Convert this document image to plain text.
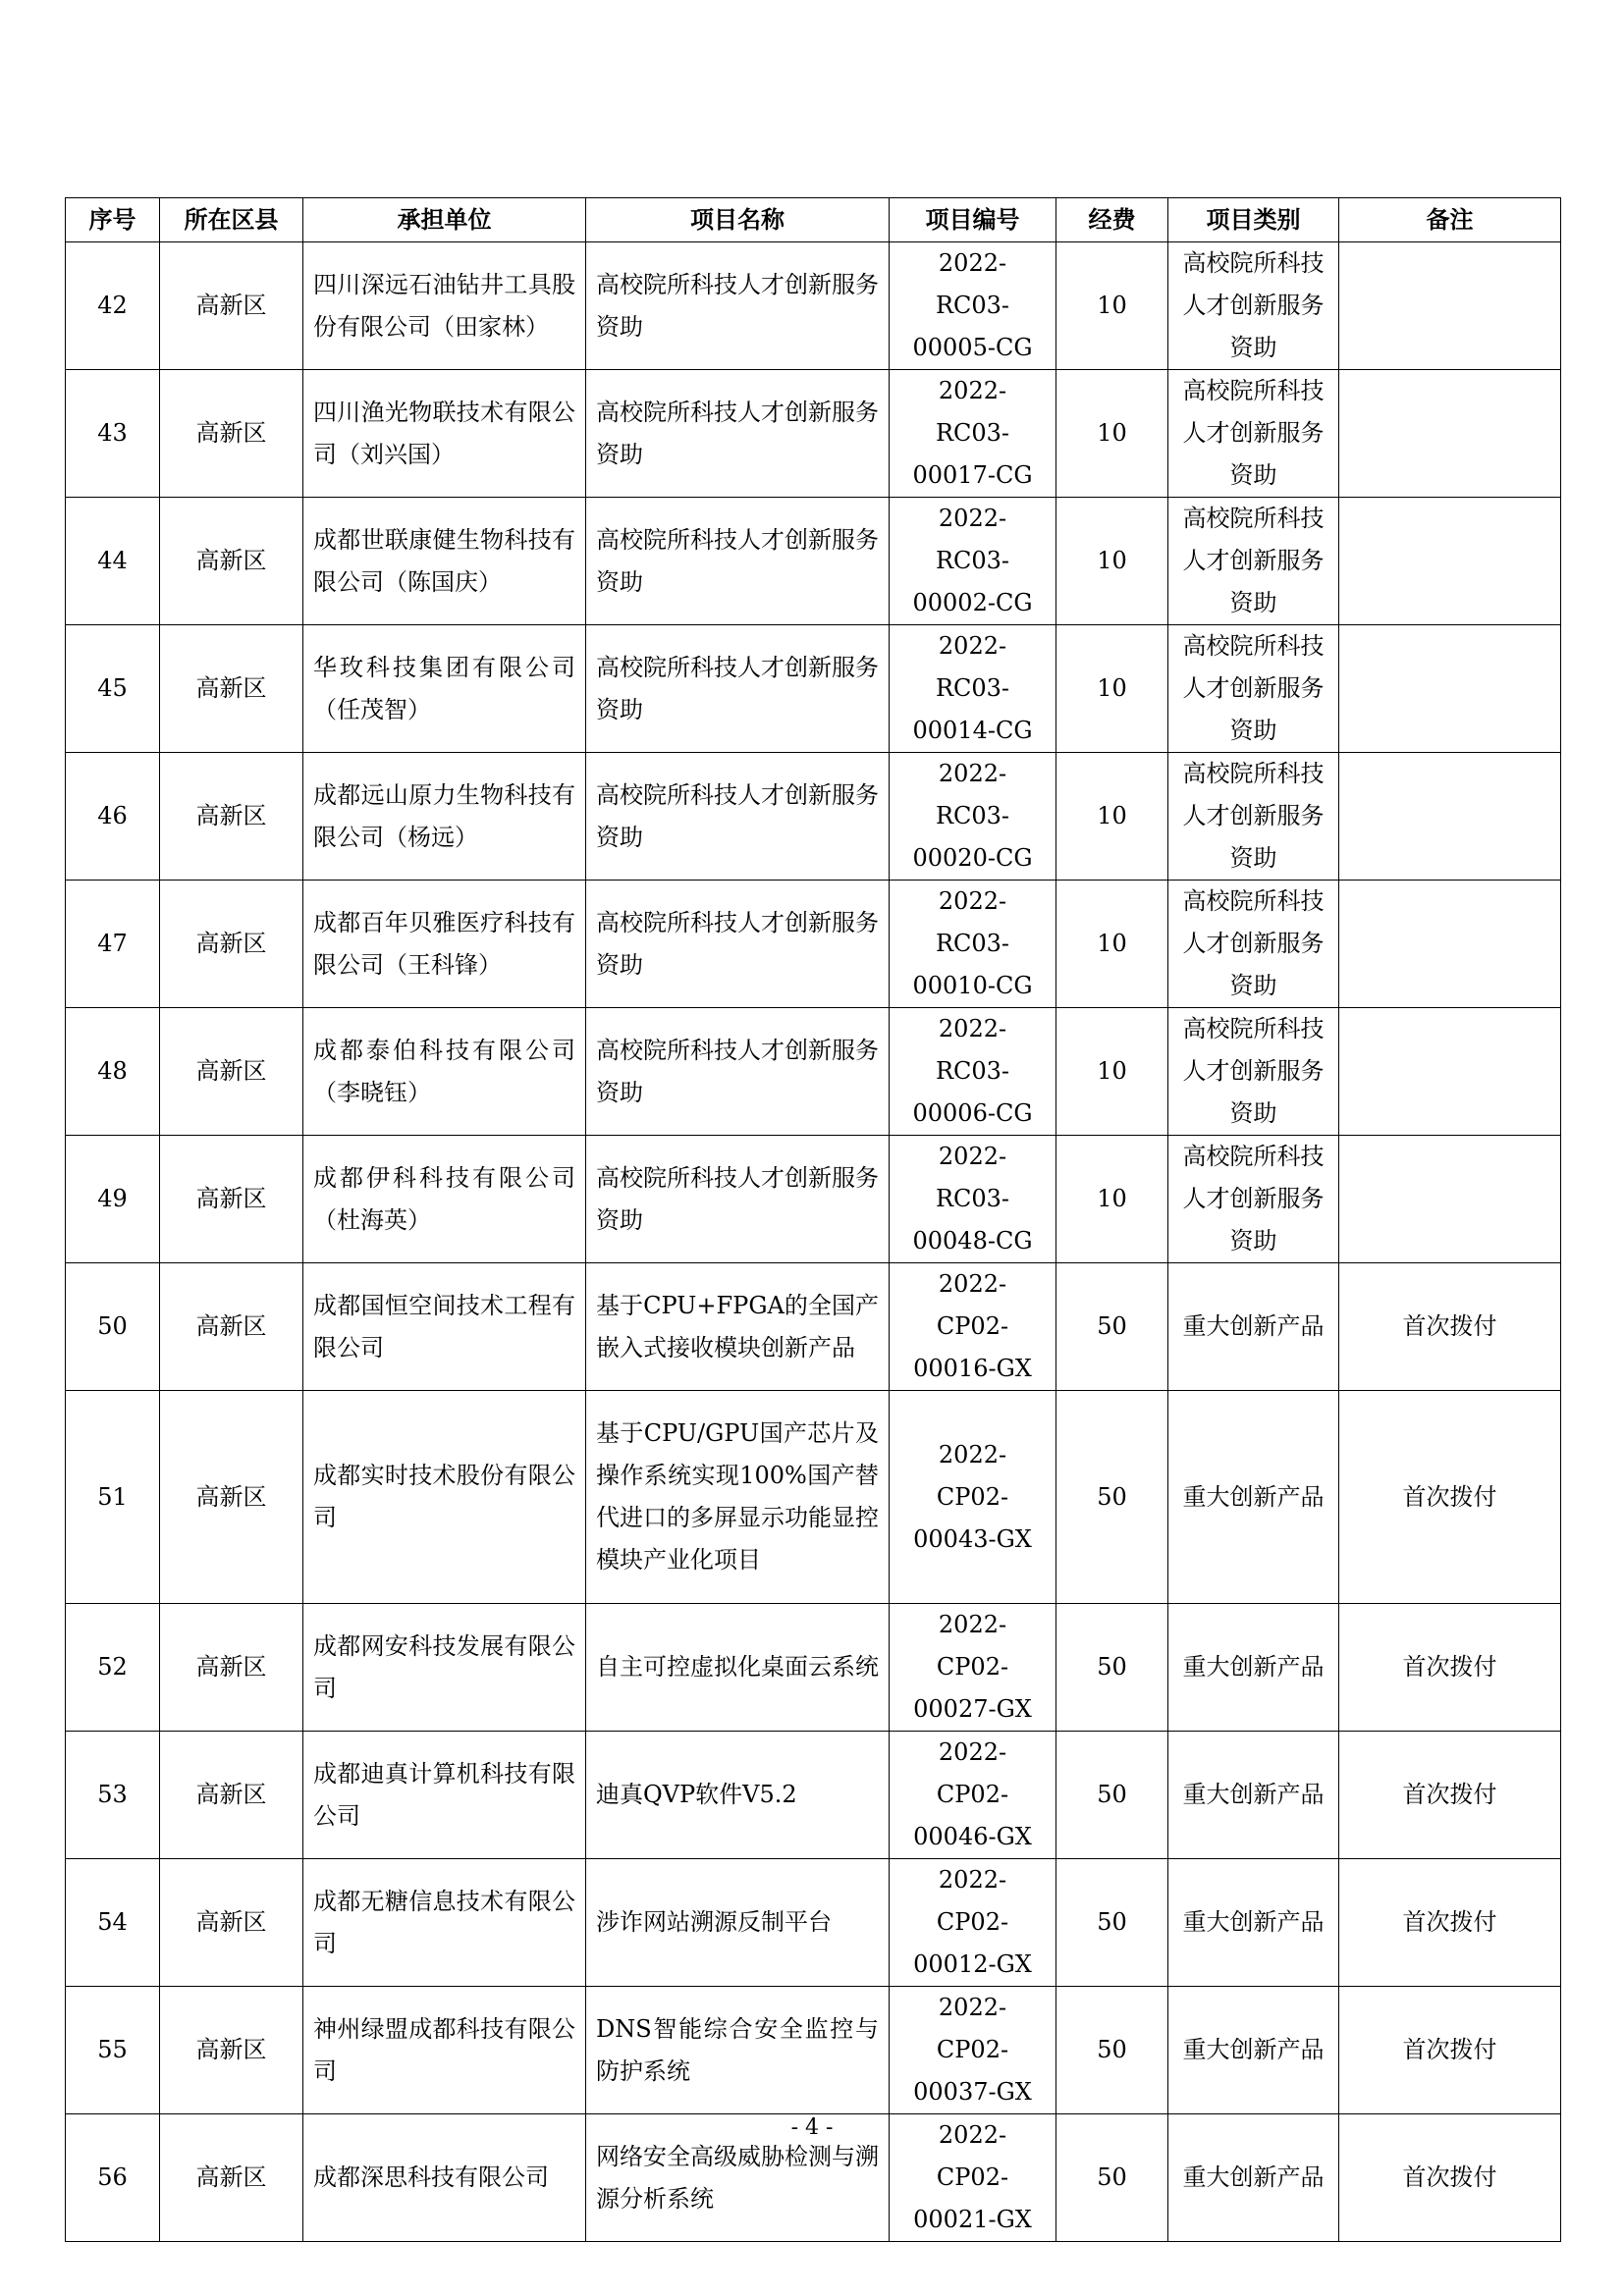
序号	所在区县	承担单位	项目名称	项目编号	经费	项目类别	备注
42	高新区	四川深远石油钻井工具股份有限公司（田家林）	高校院所科技人才创新服务资助	2022-RC03-00005-CG	10	高校院所科技人才创新服务资助	
43	高新区	四川渔光物联技术有限公司（刘兴国）	高校院所科技人才创新服务资助	2022-RC03-00017-CG	10	高校院所科技人才创新服务资助	
44	高新区	成都世联康健生物科技有限公司（陈国庆）	高校院所科技人才创新服务资助	2022-RC03-00002-CG	10	高校院所科技人才创新服务资助	
45	高新区	华玫科技集团有限公司（任茂智）	高校院所科技人才创新服务资助	2022-RC03-00014-CG	10	高校院所科技人才创新服务资助	
46	高新区	成都远山原力生物科技有限公司（杨远）	高校院所科技人才创新服务资助	2022-RC03-00020-CG	10	高校院所科技人才创新服务资助	
47	高新区	成都百年贝雅医疗科技有限公司（王科锋）	高校院所科技人才创新服务资助	2022-RC03-00010-CG	10	高校院所科技人才创新服务资助	
48	高新区	成都泰伯科技有限公司（李晓钰）	高校院所科技人才创新服务资助	2022-RC03-00006-CG	10	高校院所科技人才创新服务资助	
49	高新区	成都伊科科技有限公司（杜海英）	高校院所科技人才创新服务资助	2022-RC03-00048-CG	10	高校院所科技人才创新服务资助	
50	高新区	成都国恒空间技术工程有限公司	基于CPU+FPGA的全国产嵌入式接收模块创新产品	2022-CP02-00016-GX	50	重大创新产品	首次拨付
51	高新区	成都实时技术股份有限公司	基于CPU/GPU国产芯片及操作系统实现100%国产替代进口的多屏显示功能显控模块产业化项目	2022-CP02-00043-GX	50	重大创新产品	首次拨付
52	高新区	成都网安科技发展有限公司	自主可控虚拟化桌面云系统	2022-CP02-00027-GX	50	重大创新产品	首次拨付
53	高新区	成都迪真计算机科技有限公司	迪真QVP软件V5.2	2022-CP02-00046-GX	50	重大创新产品	首次拨付
54	高新区	成都无糖信息技术有限公司	涉诈网站溯源反制平台	2022-CP02-00012-GX	50	重大创新产品	首次拨付
55	高新区	神州绿盟成都科技有限公司	DNS智能综合安全监控与防护系统	2022-CP02-00037-GX	50	重大创新产品	首次拨付
56	高新区	成都深思科技有限公司	网络安全高级威胁检测与溯源分析系统	2022-CP02-00021-GX	50	重大创新产品	首次拨付
- 4 -
